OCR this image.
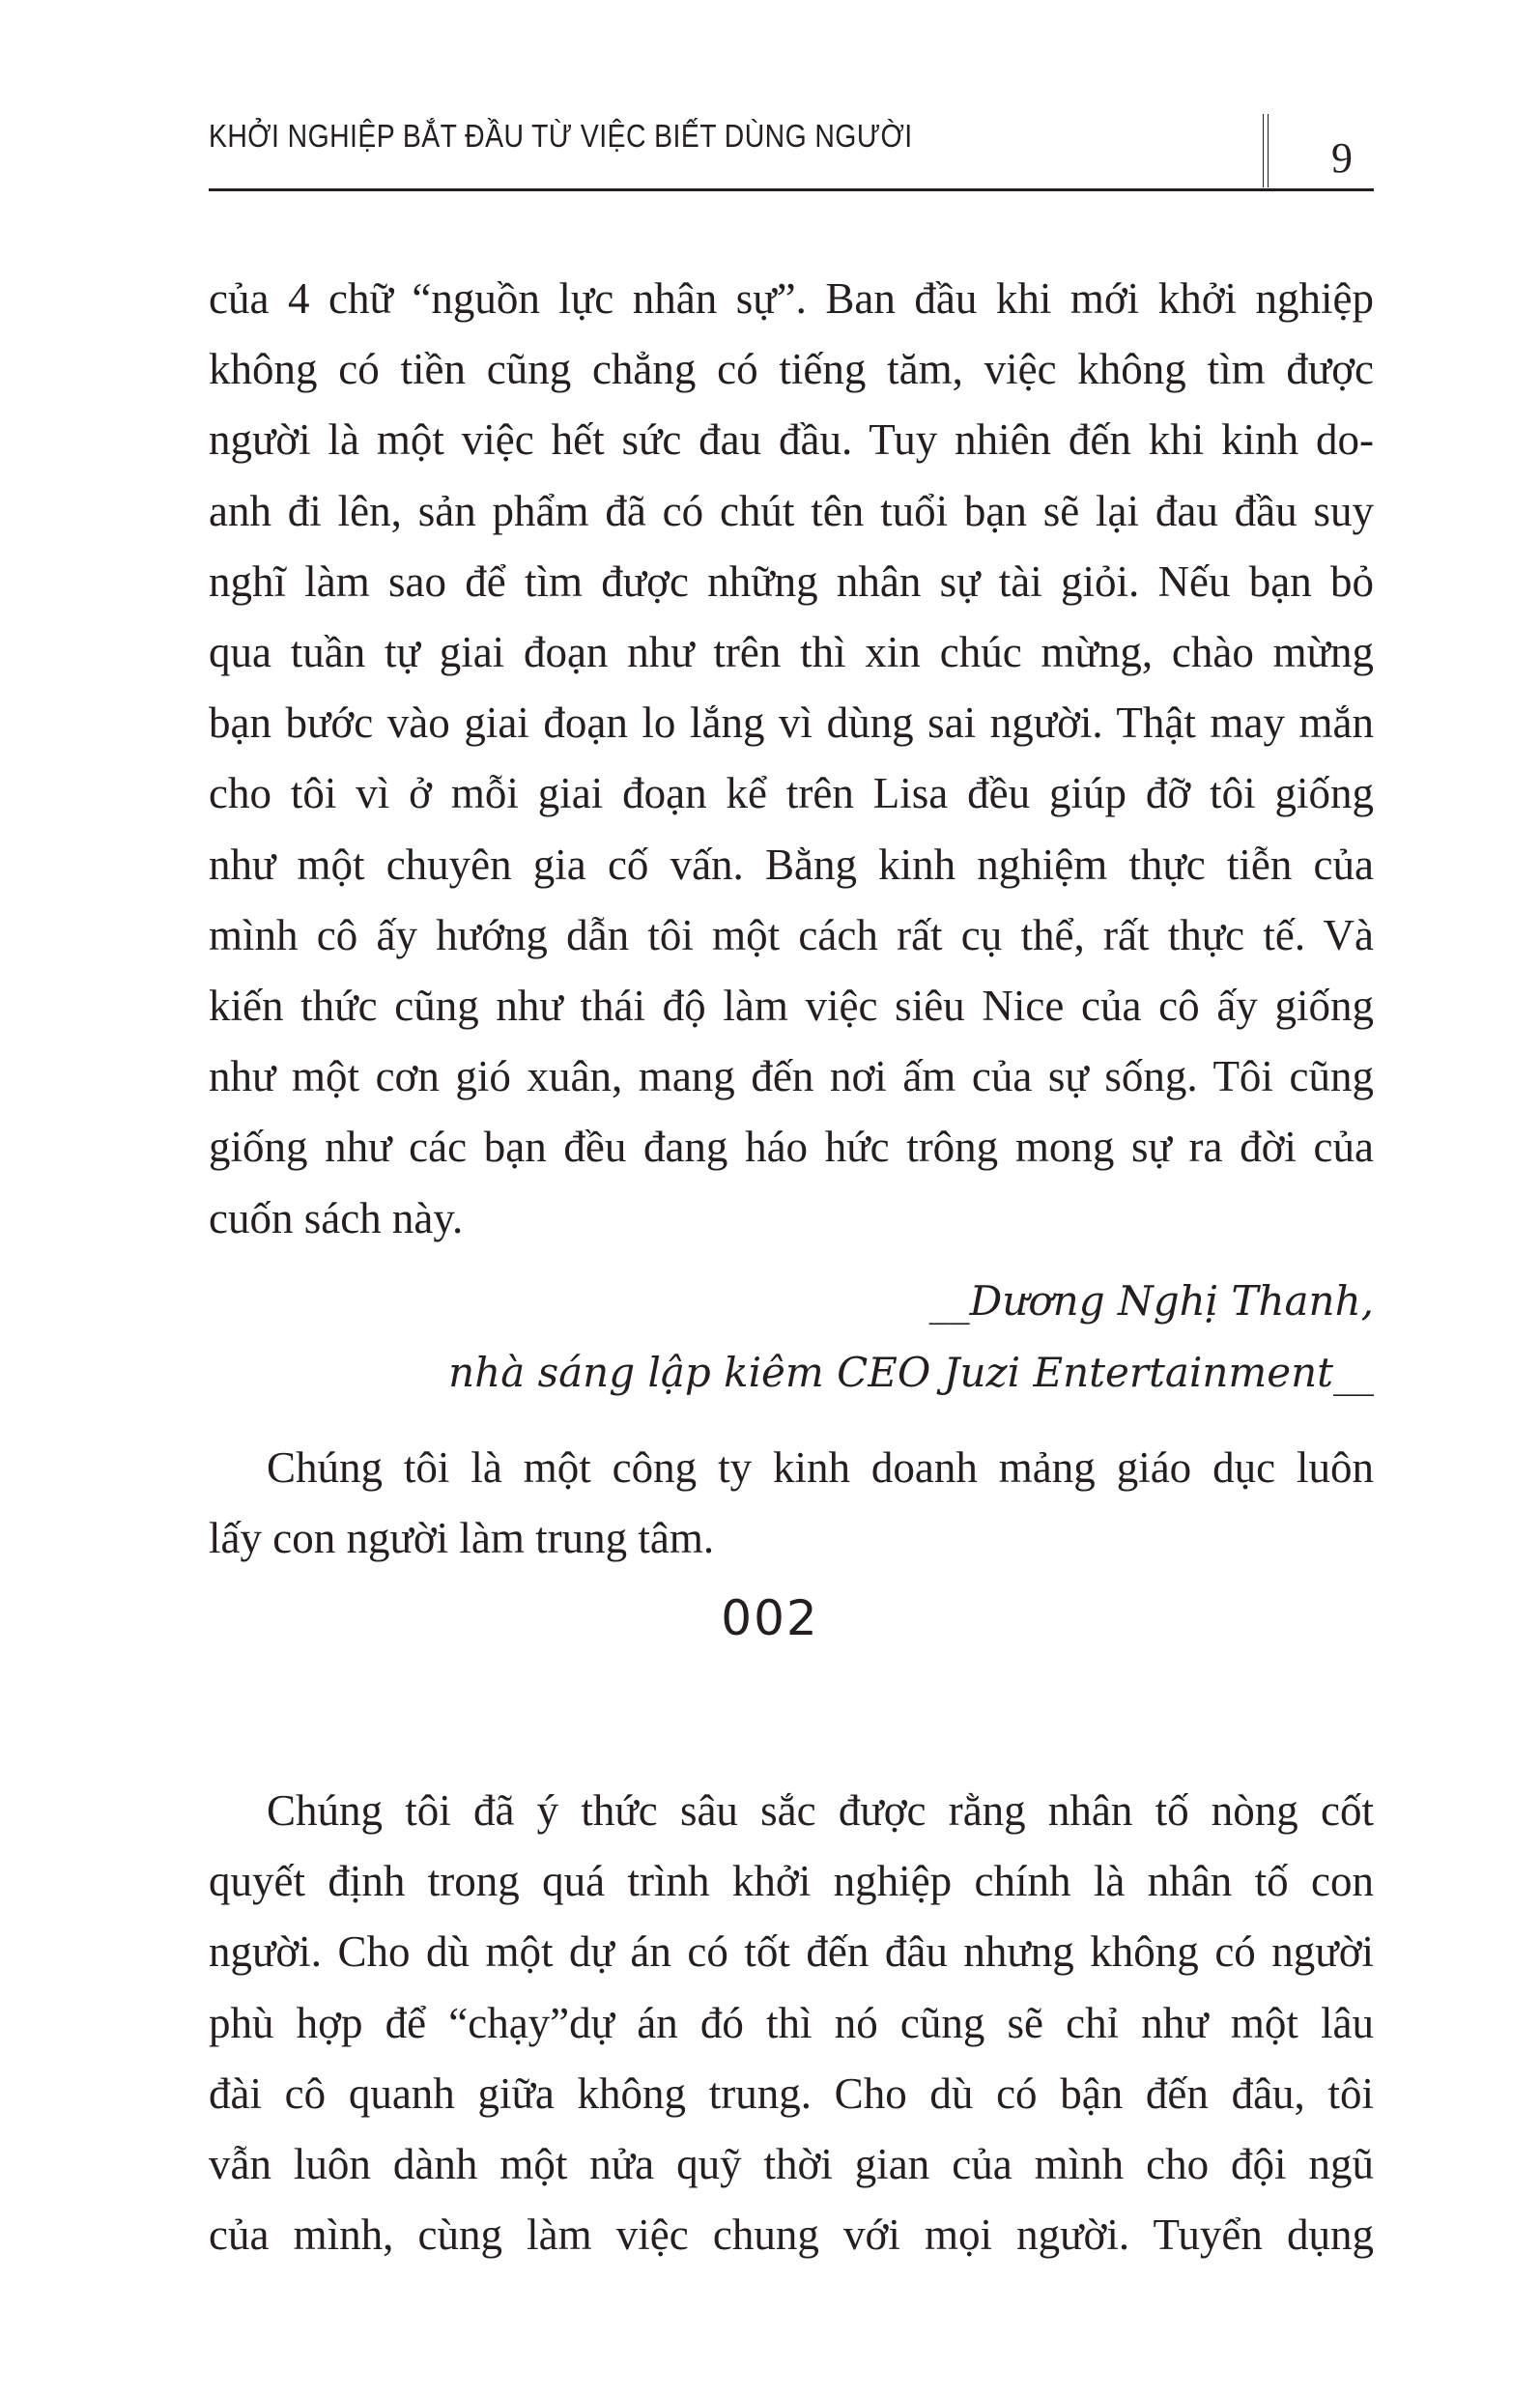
KHỞI NGHIỆP BẮT ĐẦU TỪ VIỆC BIẾT DÙNG NGƯỜI	9
của 4 chữ “nguồn lực nhân sự”. Ban đầu khi mới khởi nghiệp
không có tiền cũng chẳng có tiếng tăm, việc không tìm được
người là một việc hết sức đau đầu. Tuy nhiên đến khi kinh do-
anh đi lên, sản phẩm đã có chút tên tuổi bạn sẽ lại đau đầu suy
nghĩ làm sao để tìm được những nhân sự tài giỏi. Nếu bạn bỏ
qua tuần tự giai đoạn như trên thì xin chúc mừng, chào mừng
bạn bước vào giai đoạn lo lắng vì dùng sai người. Thật may mắn
cho tôi vì ở mỗi giai đoạn kể trên Lisa đều giúp đỡ tôi giống
như một chuyên gia cố vấn. Bằng kinh nghiệm thực tiễn của
mình cô ấy hướng dẫn tôi một cách rất cụ thể, rất thực tế. Và
kiến thức cũng như thái độ làm việc siêu Nice của cô ấy giống
như một cơn gió xuân, mang đến nơi ấm của sự sống. Tôi cũng
giống như các bạn đều đang háo hức trông mong sự ra đời của
cuốn sách này.
__Dương Nghị Thanh,
nhà sáng lập kiêm CEO Juzi Entertainment__
Chúng tôi là một công ty kinh doanh mảng giáo dục luôn
lấy con người làm trung tâm.
002
Chúng tôi đã ý thức sâu sắc được rằng nhân tố nòng cốt
quyết định trong quá trình khởi nghiệp chính là nhân tố con
người. Cho dù một dự án có tốt đến đâu nhưng không có người
phù hợp để “chạy”dự án đó thì nó cũng sẽ chỉ như một lâu
đài cô quanh giữa không trung. Cho dù có bận đến đâu, tôi
vẫn luôn dành một nửa quỹ thời gian của mình cho đội ngũ
của mình, cùng làm việc chung với mọi người. Tuyển dụng
